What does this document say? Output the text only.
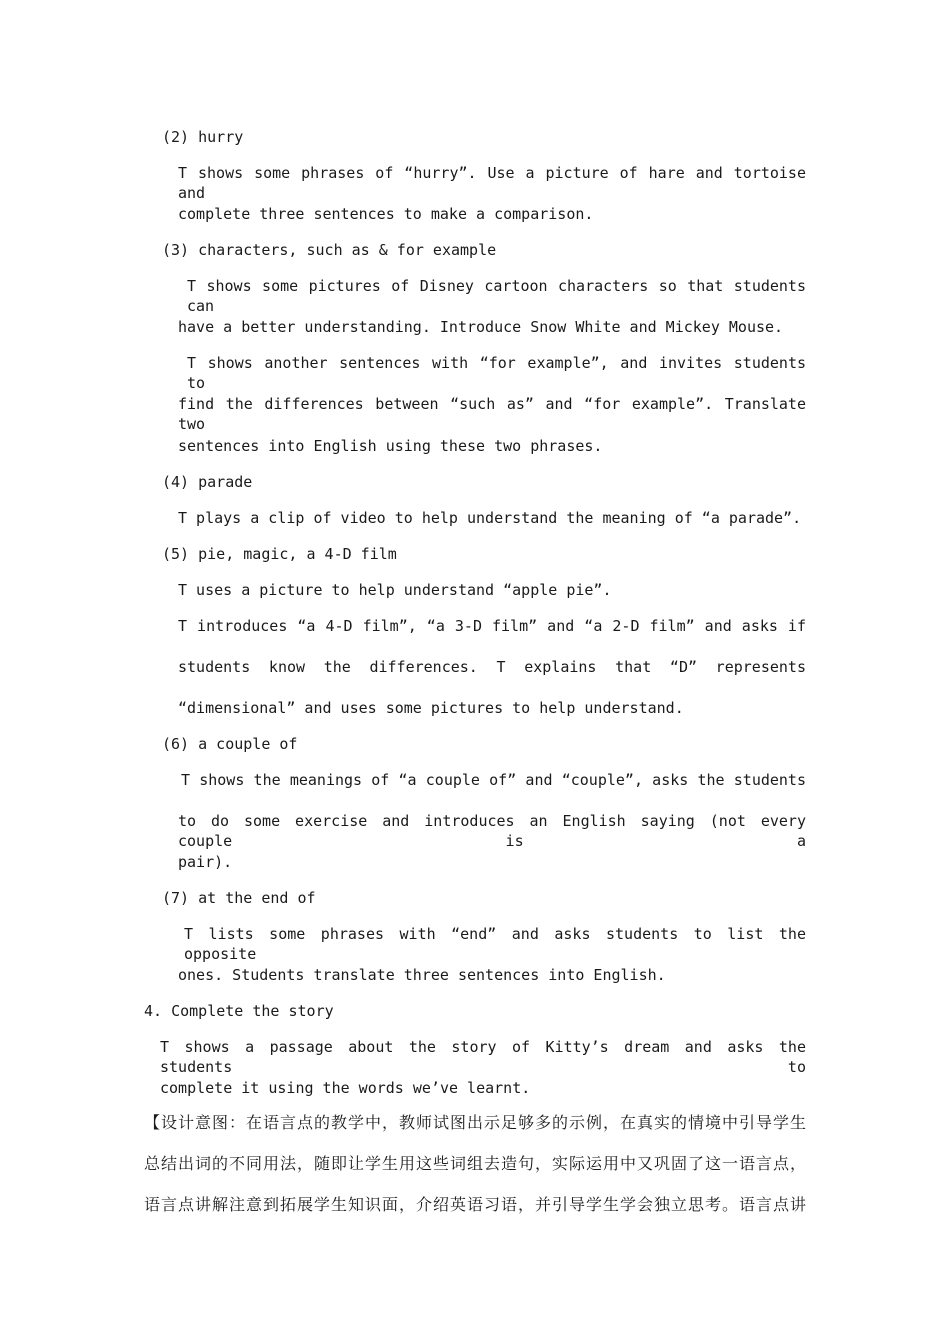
(2) hurry
T shows some phrases of “hurry”. Use a picture of hare and tortoise and
complete three sentences to make a comparison.
(3) characters, such as & for example
T shows some pictures of Disney cartoon characters so that students can
have a better understanding. Introduce Snow White and Mickey Mouse.
T shows another sentences with “for example”, and invites students to
find the differences between “such as” and “for example”. Translate two
sentences into English using these two phrases.
(4) parade
T plays a clip of video to help understand the meaning of “a parade”.
(5) pie, magic, a 4-D film
T uses a picture to help understand “apple pie”.
T introduces “a 4-D film”, “a 3-D film” and “a 2-D film” and asks if
students know the differences. T explains that “D” represents
“dimensional” and uses some pictures to help understand.
(6) a couple of
T shows the meanings of “a couple of” and “couple”, asks the students
to do some exercise and introduces an English saying (not every couple is a
pair).
(7) at the end of
T lists some phrases with “end” and asks students to list the opposite
ones. Students translate three sentences into English.
4. Complete the story
T shows a passage about the story of Kitty’s dream and asks the students to
complete it using the words we’ve learnt.
【设计意图：在语言点的教学中，教师试图出示足够多的示例，在真实的情境中引导学生
总结出词的不同用法，随即让学生用这些词组去造句，实际运用中又巩固了这一语言点，
语言点讲解注意到拓展学生知识面，介绍英语习语，并引导学生学会独立思考。语言点讲
